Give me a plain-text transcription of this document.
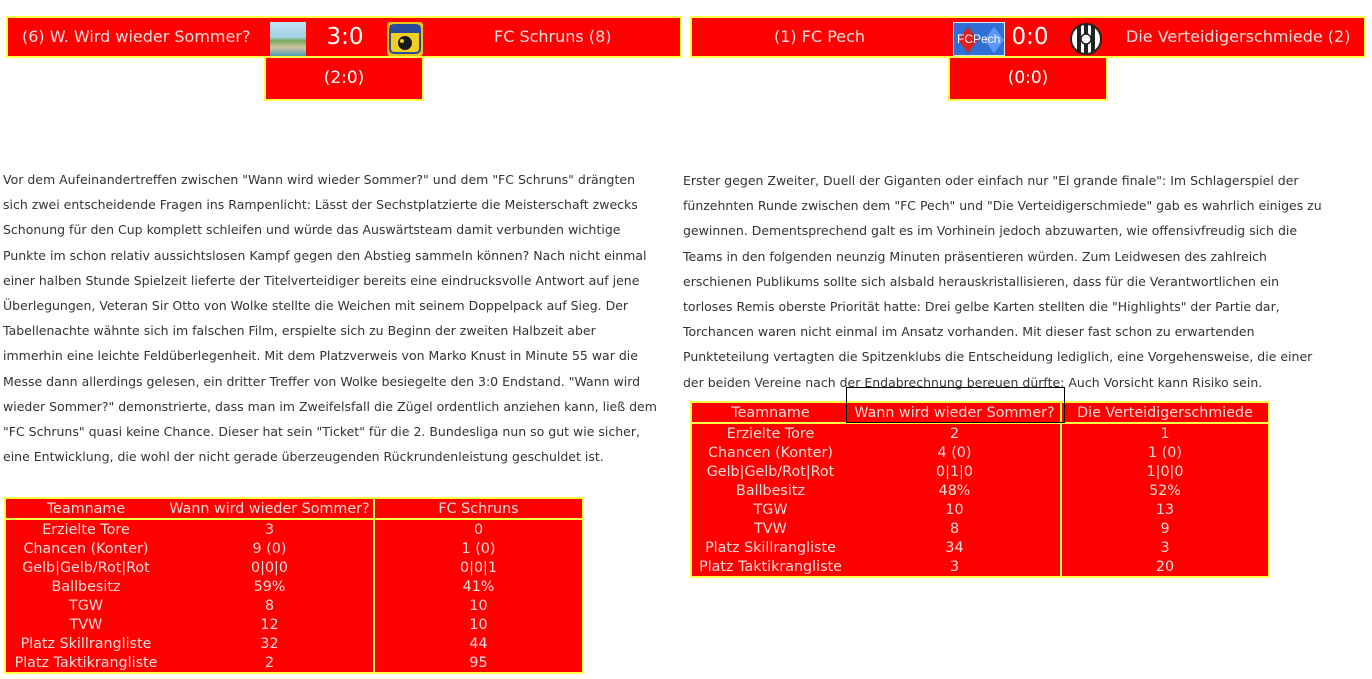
(6) W. Wird wieder Sommer?	3:0	FC Schruns (8)
(2:0)

Vor dem Aufeinandertreffen zwischen "Wann wird wieder Sommer?" und dem "FC Schruns" drängten sich zwei entscheidende Fragen ins Rampenlicht: Lässt der Sechstplatzierte die Meisterschaft zwecks Schonung für den Cup komplett schleifen und würde das Auswärtsteam damit verbunden wichtige Punkte im schon relativ aussichtslosen Kampf gegen den Abstieg sammeln können? Nach nicht einmal einer halben Stunde Spielzeit lieferte der Titelverteidiger bereits eine eindrucksvolle Antwort auf jene Überlegungen, Veteran Sir Otto von Wolke stellte die Weichen mit seinem Doppelpack auf Sieg. Der Tabellenachte wähnte sich im falschen Film, erspielte sich zu Beginn der zweiten Halbzeit aber immerhin eine leichte Feldüberlegenheit. Mit dem Platzverweis von Marko Knust in Minute 55 war die Messe dann allerdings gelesen, ein dritter Treffer von Wolke besiegelte den 3:0 Endstand. "Wann wird wieder Sommer?" demonstrierte, dass man im Zweifelsfall die Zügel ordentlich anziehen kann, ließ dem "FC Schruns" quasi keine Chance. Dieser hat sein "Ticket" für die 2. Bundesliga nun so gut wie sicher, eine Entwicklung, die wohl der nicht gerade überzeugenden Rückrundenleistung geschuldet ist.

Teamname	Wann wird wieder Sommer?	FC Schruns
Erzielte Tore	3	0
Chancen (Konter)	9 (0)	1 (0)
Gelb|Gelb/Rot|Rot	0|0|0	0|0|1
Ballbesitz	59%	41%
TGW	8	10
TVW	12	10
Platz Skillrangliste	32	44
Platz Taktikrangliste	2	95
(1) FC Pech	FCPech 0:0	Die Verteidigerschmiede (2)
(0:0)

Erster gegen Zweiter, Duell der Giganten oder einfach nur "El grande finale": Im Schlagerspiel der fünzehnten Runde zwischen dem "FC Pech" und "Die Verteidigerschmiede" gab es wahrlich einiges zu gewinnen. Dementsprechend galt es im Vorhinein jedoch abzuwarten, wie offensivfreudig sich die Teams in den folgenden neunzig Minuten präsentieren würden. Zum Leidwesen des zahlreich erschienen Publikums sollte sich alsbald herauskristallisieren, dass für die Verantwortlichen ein torloses Remis oberste Priorität hatte: Drei gelbe Karten stellten die "Highlights" der Partie dar, Torchancen waren nicht einmal im Ansatz vorhanden. Mit dieser fast schon zu erwartenden Punkteteilung vertagten die Spitzenklubs die Entscheidung lediglich, eine Vorgehensweise, die einer der beiden Vereine nach der Endabrechnung bereuen dürfte: Auch Vorsicht kann Risiko sein.

Teamname	Wann wird wieder Sommer?	Die Verteidigerschmiede
Erzielte Tore	2	1
Chancen (Konter)	4 (0)	1 (0)
Gelb|Gelb/Rot|Rot	0|1|0	1|0|0
Ballbesitz	48%	52%
TGW	10	13
TVW	8	9
Platz Skillrangliste	34	3
Platz Taktikrangliste	3	20
